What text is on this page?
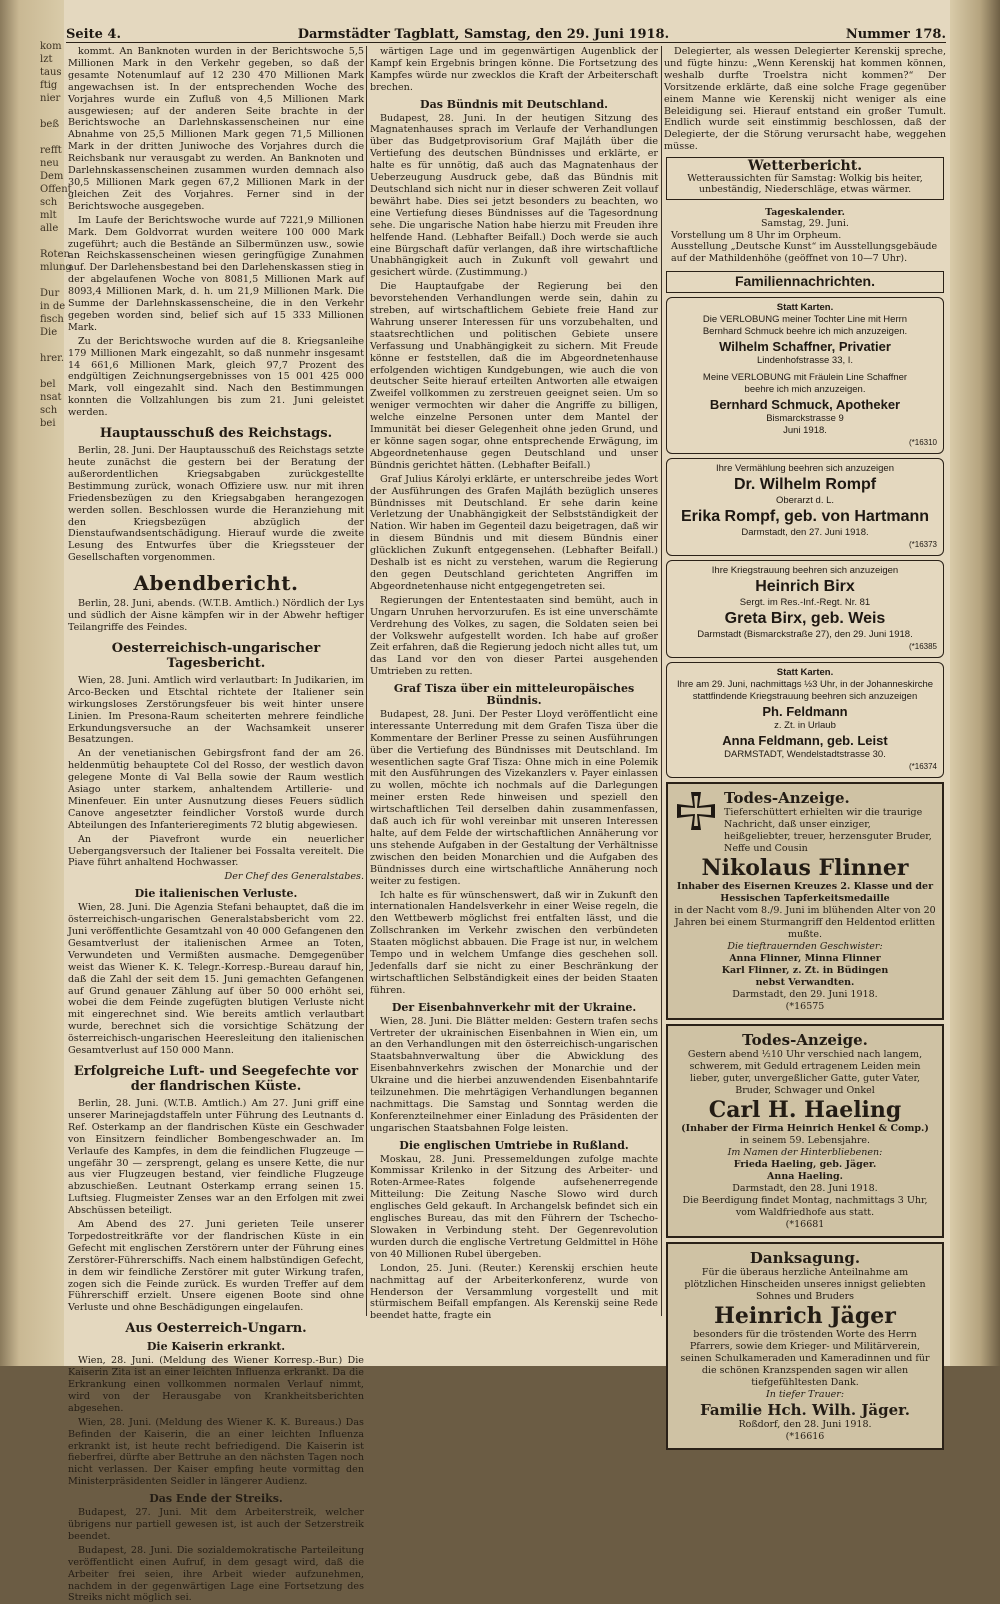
kom
lzt
taus
ftig
nier

beß

refft
neu
Dem
Offent
sch
mlt
alle

Roten
mlung

Dur
in de
fisch
Die

hrer.

bel
nsat
sch
bei
Seite 4.	Darmstädter Tagblatt, Samstag, den 29. Juni 1918.	Nummer 178.

kommt. An Banknoten wurden in der Berichtswoche 5,5 Millionen Mark in den Verkehr gegeben, so daß der gesamte Notenumlauf auf 12 230 470 Millionen Mark angewachsen ist. In der entsprechenden Woche des Vorjahres wurde ein Zufluß von 4,5 Millionen Mark ausgewiesen; auf der anderen Seite brachte in der Berichtswoche an Darlehnskassenscheinen nur eine Abnahme von 25,5 Millionen Mark gegen 71,5 Millionen Mark in der dritten Juniwoche des Vorjahres durch die Reichsbank nur verausgabt zu werden. An Banknoten und Darlehnskassenscheinen zusammen wurden demnach also 30,5 Millionen Mark gegen 67,2 Millionen Mark in der gleichen Zeit des Vorjahres. Ferner sind in der Berichtswoche ausgegeben.

Im Laufe der Berichtswoche wurde auf 7221,9 Millionen Mark. Dem Goldvorrat wurden weitere 100 000 Mark zugeführt; auch die Bestände an Silbermünzen usw., sowie an Reichskassenscheinen wiesen geringfügige Zunahmen auf. Der Darlehensbestand bei den Darlehenskassen stieg in der abgelaufenen Woche von 8081,5 Millionen Mark auf 8093,4 Millionen Mark, d. h. um 21,9 Millionen Mark. Die Summe der Darlehnskassenscheine, die in den Verkehr gegeben worden sind, belief sich auf 15 333 Millionen Mark.

Zu der Berichtswoche wurden auf die 8. Kriegsanleihe 179 Millionen Mark eingezahlt, so daß nunmehr insgesamt 14 661,6 Millionen Mark, gleich 97,7 Prozent des endgültigen Zeichnungsergebnisses von 15 001 425 000 Mark, voll eingezahlt sind. Nach den Bestimmungen konnten die Vollzahlungen bis zum 21. Juni geleistet werden.

Hauptausschuß des Reichstags.

Berlin, 28. Juni. Der Hauptausschuß des Reichstags setzte heute zunächst die gestern bei der Beratung der außerordentlichen Kriegsabgaben zurückgestellte Bestimmung zurück, wonach Offiziere usw. nur mit ihren Friedensbezügen zu den Kriegsabgaben herangezogen werden sollen. Beschlossen wurde die Heranziehung mit den Kriegsbezügen abzüglich der Dienstaufwandsentschädigung. Hierauf wurde die zweite Lesung des Entwurfes über die Kriegssteuer der Gesellschaften vorgenommen.

Abendbericht.

Berlin, 28. Juni, abends. (W.T.B. Amtlich.) Nördlich der Lys und südlich der Aisne kämpfen wir in der Abwehr heftiger Teilangriffe des Feindes.

Oesterreichisch-ungarischer Tagesbericht.

Wien, 28. Juni. Amtlich wird verlautbart: In Judikarien, im Arco-Becken und Etschtal richtete der Italiener sein wirkungsloses Zerstörungsfeuer bis weit hinter unsere Linien. Im Presona-Raum scheiterten mehrere feindliche Erkundungsversuche an der Wachsamkeit unserer Besatzungen.

An der venetianischen Gebirgsfront fand der am 26. heldenmütig behauptete Col del Rosso, der westlich davon gelegene Monte di Val Bella sowie der Raum westlich Asiago unter starkem, anhaltendem Artillerie- und Minenfeuer. Ein unter Ausnutzung dieses Feuers südlich Canove angesetzter feindlicher Vorstoß wurde durch Abteilungen des Infanterieregiments 72 blutig abgewiesen.

An der Piavefront wurde ein neuerlicher Uebergangsversuch der Italiener bei Fossalta vereitelt. Die Piave führt anhaltend Hochwasser.

Der Chef des Generalstabes.
Die italienischen Verluste.

Wien, 28. Juni. Die Agenzia Stefani behauptet, daß die im österreichisch-ungarischen Generalstabsbericht vom 22. Juni veröffentlichte Gesamtzahl von 40 000 Gefangenen den Gesamtverlust der italienischen Armee an Toten, Verwundeten und Vermißten ausmache. Demgegenüber weist das Wiener K. K. Telegr.-Korresp.-Bureau darauf hin, daß die Zahl der seit dem 15. Juni gemachten Gefangenen auf Grund genauer Zählung auf über 50 000 erhöht sei, wobei die dem Feinde zugefügten blutigen Verluste nicht mit eingerechnet sind. Wie bereits amtlich verlautbart wurde, berechnet sich die vorsichtige Schätzung der österreichisch-ungarischen Heeresleitung den italienischen Gesamtverlust auf 150 000 Mann.

Erfolgreiche Luft- und Seegefechte vor der flandrischen Küste.

Berlin, 28. Juni. (W.T.B. Amtlich.) Am 27. Juni griff eine unserer Marinejagdstaffeln unter Führung des Leutnants d. Ref. Osterkamp an der flandrischen Küste ein Geschwader von Einsitzern feindlicher Bombengeschwader an. Im Verlaufe des Kampfes, in dem die feindlichen Flugzeuge — ungefähr 30 — zersprengt, gelang es unsere Kette, die nur aus vier Flugzeugen bestand, vier feindliche Flugzeuge abzuschießen. Leutnant Osterkamp errang seinen 15. Luftsieg. Flugmeister Zenses war an den Erfolgen mit zwei Abschüssen beteiligt.

Am Abend des 27. Juni gerieten Teile unserer Torpedostreitkräfte vor der flandrischen Küste in ein Gefecht mit englischen Zerstörern unter der Führung eines Zerstörer-Führerschiffs. Nach einem halbstündigen Gefecht, in dem wir feindliche Zerstörer mit guter Wirkung trafen, zogen sich die Feinde zurück. Es wurden Treffer auf dem Führerschiff erzielt. Unsere eigenen Boote sind ohne Verluste und ohne Beschädigungen eingelaufen.

Aus Oesterreich-Ungarn.
Die Kaiserin erkrankt.

Wien, 28. Juni. (Meldung des Wiener Korresp.-Bur.) Die Kaiserin Zita ist an einer leichten Influenza erkrankt. Da die Erkrankung einen vollkommen normalen Verlauf nimmt, wird von der Herausgabe von Krankheitsberichten abgesehen.

Wien, 28. Juni. (Meldung des Wiener K. K. Bureaus.) Das Befinden der Kaiserin, die an einer leichten Influenza erkrankt ist, ist heute recht befriedigend. Die Kaiserin ist fieberfrei, dürfte aber Bettruhe an den nächsten Tagen noch nicht verlassen. Der Kaiser empfing heute vormittag den Ministerpräsidenten Seidler in längerer Audienz.

Das Ende der Streiks.

Budapest, 27. Juni. Mit dem Arbeiterstreik, welcher übrigens nur partiell gewesen ist, ist auch der Setzerstreik beendet.

Budapest, 28. Juni. Die sozialdemokratische Parteileitung veröffentlicht einen Aufruf, in dem gesagt wird, daß die Arbeiter frei seien, ihre Arbeit wieder aufzunehmen, nachdem in der gegenwärtigen Lage eine Fortsetzung des Streiks nicht möglich sei.

wärtigen Lage und im gegenwärtigen Augenblick der Kampf kein Ergebnis bringen könne. Die Fortsetzung des Kampfes würde nur zwecklos die Kraft der Arbeiterschaft brechen.

Das Bündnis mit Deutschland.

Budapest, 28. Juni. In der heutigen Sitzung des Magnatenhauses sprach im Verlaufe der Verhandlungen über das Budgetprovisorium Graf Majláth über die Vertiefung des deutschen Bündnisses und erklärte, er halte es für unnötig, daß auch das Magnatenhaus der Ueberzeugung Ausdruck gebe, daß das Bündnis mit Deutschland sich nicht nur in dieser schweren Zeit vollauf bewährt habe. Dies sei jetzt besonders zu beachten, wo eine Vertiefung dieses Bündnisses auf die Tagesordnung sehe. Die ungarische Nation habe hierzu mit Freuden ihre helfende Hand. (Lebhafter Beifall.) Doch werde sie auch eine Bürgschaft dafür verlangen, daß ihre wirtschaftliche Unabhängigkeit auch in Zukunft voll gewahrt und gesichert würde. (Zustimmung.)

Die Hauptaufgabe der Regierung bei den bevorstehenden Verhandlungen werde sein, dahin zu streben, auf wirtschaftlichem Gebiete freie Hand zur Wahrung unserer Interessen für uns vorzubehalten, und staatsrechtlichen und politischen Gebiete unsere Verfassung und Unabhängigkeit zu sichern. Mit Freude könne er feststellen, daß die im Abgeordnetenhause erfolgenden wichtigen Kundgebungen, wie auch die von deutscher Seite hierauf erteilten Antworten alle etwaigen Zweifel vollkommen zu zerstreuen geeignet seien. Um so weniger vermochten wir daher die Angriffe zu billigen, welche einzelne Personen unter dem Mantel der Immunität bei dieser Gelegenheit ohne jeden Grund, und er könne sagen sogar, ohne entsprechende Erwägung, im Abgeordnetenhause gegen Deutschland und unser Bündnis gerichtet hätten. (Lebhafter Beifall.)

Graf Julius Károlyi erklärte, er unterschreibe jedes Wort der Ausführungen des Grafen Majláth bezüglich unseres Bündnisses mit Deutschland. Er sehe darin keine Verletzung der Unabhängigkeit der Selbstständigkeit der Nation. Wir haben im Gegenteil dazu beigetragen, daß wir in diesem Bündnis und mit diesem Bündnis einer glücklichen Zukunft entgegensehen. (Lebhafter Beifall.) Deshalb ist es nicht zu verstehen, warum die Regierung den gegen Deutschland gerichteten Angriffen im Abgeordnetenhause nicht entgegengetreten sei.

Regierungen der Ententestaaten sind bemüht, auch in Ungarn Unruhen hervorzurufen. Es ist eine unverschämte Verdrehung des Volkes, zu sagen, die Soldaten seien bei der Volkswehr aufgestellt worden. Ich habe auf großer Zeit erfahren, daß die Regierung jedoch nicht alles tut, um das Land vor den von dieser Partei ausgehenden Umtrieben zu retten.

Graf Tisza über ein mitteleuropäisches Bündnis.

Budapest, 28. Juni. Der Pester Lloyd veröffentlicht eine interessante Unterredung mit dem Grafen Tisza über die Kommentare der Berliner Presse zu seinen Ausführungen über die Vertiefung des Bündnisses mit Deutschland. Im wesentlichen sagte Graf Tisza: Ohne mich in eine Polemik mit den Ausführungen des Vizekanzlers v. Payer einlassen zu wollen, möchte ich nochmals auf die Darlegungen meiner ersten Rede hinweisen und speziell den wirtschaftlichen Teil derselben dahin zusammenfassen, daß auch ich für wohl vereinbar mit unseren Interessen halte, auf dem Felde der wirtschaftlichen Annäherung vor uns stehende Aufgaben in der Gestaltung der Verhältnisse zwischen den beiden Monarchien und die Aufgaben des Bündnisses durch eine wirtschaftliche Annäherung noch weiter zu festigen.

Ich halte es für wünschenswert, daß wir in Zukunft den internationalen Handelsverkehr in einer Weise regeln, die den Wettbewerb möglichst frei entfalten lässt, und die Zollschranken im Verkehr zwischen den verbündeten Staaten möglichst abbauen. Die Frage ist nur, in welchem Tempo und in welchem Umfange dies geschehen soll. Jedenfalls darf sie nicht zu einer Beschränkung der wirtschaftlichen Selbständigkeit eines der beiden Staaten führen.

Der Eisenbahnverkehr mit der Ukraine.

Wien, 28. Juni. Die Blätter melden: Gestern trafen sechs Vertreter der ukrainischen Eisenbahnen in Wien ein, um an den Verhandlungen mit den österreichisch-ungarischen Staatsbahnverwaltung über die Abwicklung des Eisenbahnverkehrs zwischen der Monarchie und der Ukraine und die hierbei anzuwendenden Eisenbahntarife teilzunehmen. Die mehrtägigen Verhandlungen begannen nachmittags. Die Samstag und Sonntag werden die Konferenzteilnehmer einer Einladung des Präsidenten der ungarischen Staatsbahnen Folge leisten.

Die englischen Umtriebe in Rußland.

Moskau, 28. Juni. Pressemeldungen zufolge machte Kommissar Krilenko in der Sitzung des Arbeiter- und Roten-Armee-Rates folgende aufsehenerregende Mitteilung: Die Zeitung Nasche Slowo wird durch englisches Geld gekauft. In Archangelsk befindet sich ein englisches Bureau, das mit den Führern der Tschecho-Slowaken in Verbindung steht. Der Gegenrevolution wurden durch die englische Vertretung Geldmittel in Höhe von 40 Millionen Rubel übergeben.

London, 25. Juni. (Reuter.) Kerenskij erschien heute nachmittag auf der Arbeiterkonferenz, wurde von Henderson der Versammlung vorgestellt und mit stürmischem Beifall empfangen. Als Kerenskij seine Rede beendet hatte, fragte ein

Delegierter, als wessen Delegierter Kerenskij spreche, und fügte hinzu: „Wenn Kerenskij hat kommen können, weshalb durfte Troelstra nicht kommen?“ Der Vorsitzende erklärte, daß eine solche Frage gegenüber einem Manne wie Kerenskij nicht weniger als eine Beleidigung sei. Hierauf entstand ein großer Tumult. Endlich wurde seit einstimmig beschlossen, daß der Delegierte, der die Störung verursacht habe, weggehen müsse.

Wetterbericht.
Wetteraussichten für Samstag: Wolkig bis heiter, unbeständig, Niederschläge, etwas wärmer.
Tageskalender.
Samstag, 29. Juni.
Vorstellung um 8 Uhr im Orpheum.
Ausstellung „Deutsche Kunst“ im Ausstellungsgebäude auf der Mathildenhöhe (geöffnet von 10—7 Uhr).
Familiennachrichten.
Statt Karten.
Die VERLOBUNG meiner Tochter Line mit Herrn
Bernhard Schmuck beehre ich mich anzuzeigen.
Wilhelm Schaffner, Privatier
Lindenhofstrasse 33, I.
Meine VERLOBUNG mit Fräulein Line Schaffner
beehre ich mich anzuzeigen.
Bernhard Schmuck, Apotheker
Bismarckstrasse 9
Juni 1918.
(*16310
Ihre Vermählung beehren sich anzuzeigen
Dr. Wilhelm Rompf
Oberarzt d. L.
Erika Rompf, geb. von Hartmann
Darmstadt, den 27. Juni 1918.
(*16373
Ihre Kriegstrauung beehren sich anzuzeigen
Heinrich Birx
Sergt. im Res.-Inf.-Regt. Nr. 81
Greta Birx, geb. Weis
Darmstadt (Bismarckstraße 27), den 29. Juni 1918.
(*16385
Statt Karten.
Ihre am 29. Juni, nachmittags ½3 Uhr, in der Johanneskirche stattfindende Kriegstrauung beehren sich anzuzeigen
Ph. Feldmann
z. Zt. in Urlaub
Anna Feldmann, geb. Leist
DARMSTADT, Wendelstadtstrasse 30.
(*16374
Todes-Anzeige.
Tieferschüttert erhielten wir die traurige Nachricht, daß unser einziger, heißgeliebter, treuer, herzensguter Bruder, Neffe und Cousin
Nikolaus Flinner
Inhaber des Eisernen Kreuzes 2. Klasse und der Hessischen Tapferkeitsmedaille
in der Nacht vom 8./9. Juni im blühenden Alter von 20 Jahren bei einem Sturmangriff den Heldentod erlitten mußte.
Die tieftrauernden Geschwister:
Anna Flinner, Minna Flinner
Karl Flinner, z. Zt. in Büdingen
nebst Verwandten.
Darmstadt, den 29. Juni 1918.
(*16575
Todes-Anzeige.
Gestern abend ½10 Uhr verschied nach langem, schwerem, mit Geduld ertragenem Leiden mein lieber, guter, unvergeßlicher Gatte, guter Vater, Bruder, Schwager und Onkel
Carl H. Haeling
(Inhaber der Firma Heinrich Henkel & Comp.)
in seinem 59. Lebensjahre.
Im Namen der Hinterbliebenen:
Frieda Haeling, geb. Jäger.
Anna Haeling.
Darmstadt, den 28. Juni 1918.
Die Beerdigung findet Montag, nachmittags 3 Uhr, vom Waldfriedhofe aus statt.
(*16681
Danksagung.
Für die überaus herzliche Anteilnahme am plötzlichen Hinscheiden unseres innigst geliebten Sohnes und Bruders
Heinrich Jäger
besonders für die tröstenden Worte des Herrn Pfarrers, sowie dem Krieger- und Militärverein, seinen Schulkameraden und Kameradinnen und für die schönen Kranzspenden sagen wir allen tiefgefühltesten Dank.
In tiefer Trauer:
Familie Hch. Wilh. Jäger.
Roßdorf, den 28. Juni 1918.
(*16616
